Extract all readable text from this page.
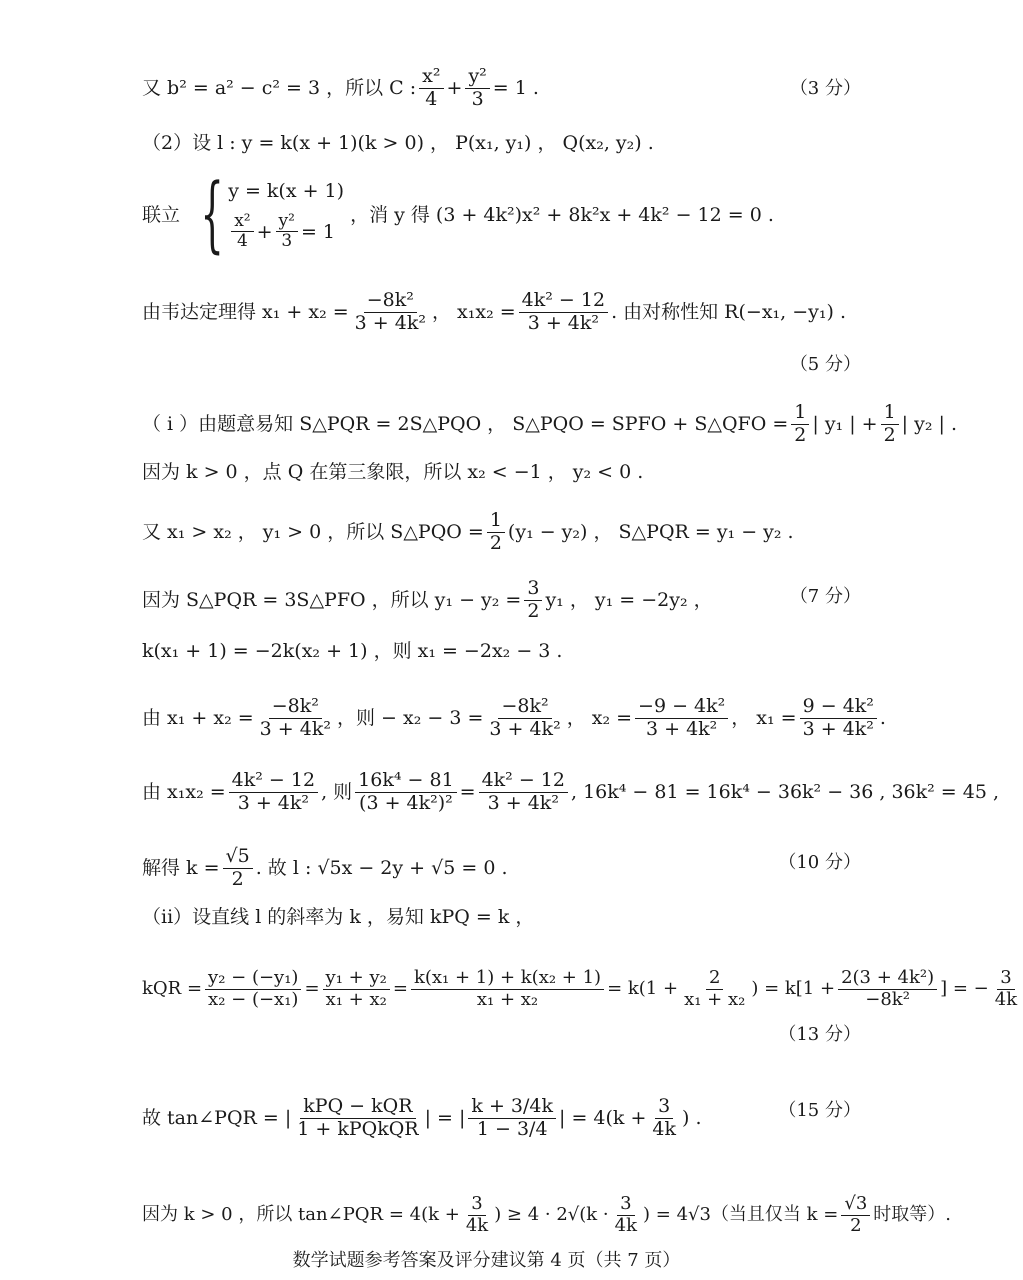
又 b² = a² − c² = 3 ，所以 C : $\frac{\text{x²}}{4} + \frac{\text{y²}}{3} = 1$ .	（3 分）
（2）设 l : y = k(x + 1)(k > 0) ， P(x₁, y₁) ， Q(x₂, y₂) .
联立 { y = k(x + 1)
$\frac{\text{x²}}{4} + \frac{\text{y²}}{3} = 1$
，消 y 得 (3 + 4k²)x² + 8k²x + 4k² − 12 = 0 .
由韦达定理得 $x_1 + x_2 = \frac{\text{−8k²}}{\text{3 + 4k²}}$ ， $x_1x_2 = \frac{\text{4k² − 12}}{\text{3 + 4k²}}$ . 由对称性知 R(−x₁, −y₁) .
（5 分）
（ i ）由题意易知 S△PQR = 2S△PQO ， S△PQO = SPFO + S△QFO = $\frac{1}{2}$ | y₁ | + $\frac{1}{2}$ | y₂ | .
因为 k > 0 ，点 Q 在第三象限，所以 x₂ < −1 ， y₂ < 0 .
又 x₁ > x₂ ， y₁ > 0 ，所以 S△PQO = $\frac{1}{2} (y_1 - y_2)$ ， S△PQR = y₁ − y₂ .
因为 S△PQR = 3S△PFO ，所以 $y_1 - y_2 = \frac{3}{2} y_1$ ， y₁ = −2y₂ ，	（7 分）
k(x₁ + 1) = −2k(x₂ + 1) ，则 x₁ = −2x₂ − 3 .
由 $x_1 + x_2 = \frac{\text{−8k²}}{\text{3 + 4k²}}$ ，则 − $x_2 - 3 = \frac{\text{−8k²}}{\text{3 + 4k²}}$ ， $x_2 = \frac{\text{−9 − 4k²}}{\text{3 + 4k²}}$ ， $x_1 = \frac{\text{9 − 4k²}}{\text{3 + 4k²}}$ .
由 $x_1x_2 = \frac{\text{4k² − 12}}{\text{3 + 4k²}}$ , 则 $\frac{\text{16k⁴ − 81}}{\text{(3 + 4k²)²}} = \frac{\text{4k² − 12}}{\text{3 + 4k²}}$ , 16k⁴ − 81 = 16k⁴ − 36k² − 36 , 36k² = 45 ,
解得 $k = \frac{√5}{2}$ . 故 l : √5x − 2y + √5 = 0 .	（10 分）
（ii）设直线 l 的斜率为 k ，易知 kPQ = k ，
kQR = $\frac{\text{y₂ − (−y₁)}}{\text{x₂ − (−x₁)}} = \frac{\text{y₁ + y₂}}{\text{x₁ + x₂}} = \frac{\text{k(x₁ + 1) + k(x₂ + 1)}}{\text{x₁ + x₂}} = k(1 + \frac{2}{\text{x₁ + x₂}}$ ) = $k[1 + \frac{\text{2(3 + 4k²)}}{\text{−8k²}}$ ] = − $\frac{3}{4k}$
（13 分）
故 tan∠PQR = | $\frac{\text{kPQ − kQR}}{\text{1 + kPQkQR}}$ | = | $\frac{k + 3/4k}{1 - 3/4}$ | = $4(k + \frac{3}{4k}$ ) .	（15 分）
因为 k > 0 ，所以 tan∠PQR = $4(k + \frac{3}{4k}$ ) ≥ $4 \cdot 2√(k \cdot \frac{3}{4k}$ ) = 4√3（当且仅当 $k = \frac{√3}{2}$ 时取等）.
数学试题参考答案及评分建议第 4 页（共 7 页）
